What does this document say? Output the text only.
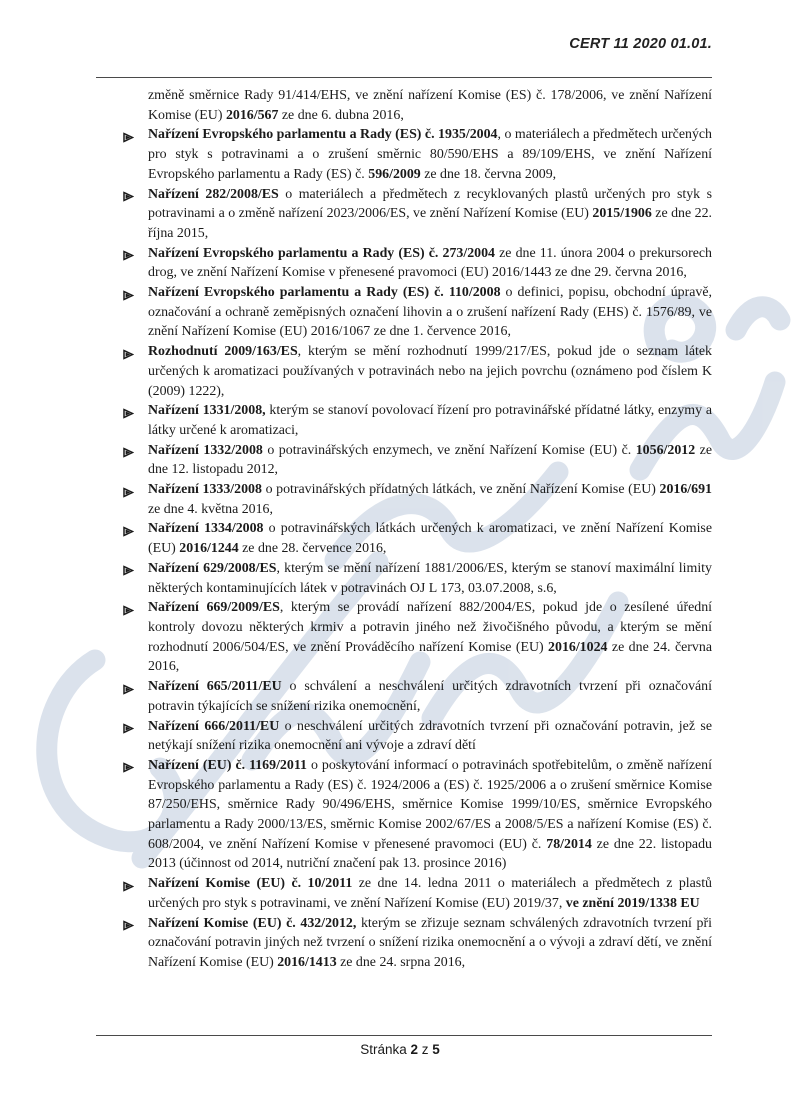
CERT 11 2020 01.01.

změně směrnice Rady 91/414/EHS, ve znění nařízení Komise (ES) č. 178/2006, ve znění Nařízení Komise (EU) 2016/567 ze dne 6. dubna 2016,

Nařízení Evropského parlamentu a Rady (ES) č. 1935/2004, o materiálech a předmětech určených pro styk s potravinami a o zrušení směrnic 80/590/EHS a 89/109/EHS, ve znění Nařízení Evropského parlamentu a Rady (ES) č. 596/2009 ze dne 18. června 2009,
Nařízení 282/2008/ES o materiálech a předmětech z recyklovaných plastů určených pro styk s potravinami a o změně nařízení 2023/2006/ES, ve znění Nařízení Komise (EU) 2015/1906 ze dne 22. října 2015,
Nařízení Evropského parlamentu a Rady (ES) č. 273/2004 ze dne 11. února 2004 o prekursorech drog, ve znění Nařízení Komise v přenesené pravomoci (EU) 2016/1443 ze dne 29. června 2016,
Nařízení Evropského parlamentu a Rady (ES) č. 110/2008 o definici, popisu, obchodní úpravě, označování a ochraně zeměpisných označení lihovin a o zrušení nařízení Rady (EHS) č. 1576/89, ve znění Nařízení Komise (EU) 2016/1067 ze dne 1. července 2016,
Rozhodnutí 2009/163/ES, kterým se mění rozhodnutí 1999/217/ES, pokud jde o seznam látek určených k aromatizaci používaných v potravinách nebo na jejich povrchu (oznámeno pod číslem K (2009) 1222),
Nařízení 1331/2008, kterým se stanoví povolovací řízení pro potravinářské přídatné látky, enzymy a látky určené k aromatizaci,
Nařízení 1332/2008 o potravinářských enzymech, ve znění Nařízení Komise (EU) č. 1056/2012 ze dne 12. listopadu 2012,
Nařízení 1333/2008 o potravinářských přídatných látkách, ve znění Nařízení Komise (EU) 2016/691 ze dne 4. května 2016,
Nařízení 1334/2008 o potravinářských látkách určených k aromatizaci, ve znění Nařízení Komise (EU) 2016/1244 ze dne 28. července 2016,
Nařízení 629/2008/ES, kterým se mění nařízení 1881/2006/ES, kterým se stanoví maximální limity některých kontaminujících látek v potravinách OJ L 173, 03.07.2008, s.6,
Nařízení 669/2009/ES, kterým se provádí nařízení 882/2004/ES, pokud jde o zesílené úřední kontroly dovozu některých krmiv a potravin jiného než živočišného původu, a kterým se mění rozhodnutí 2006/504/ES, ve znění Prováděcího nařízení Komise (EU) 2016/1024 ze dne 24. června 2016,
Nařízení 665/2011/EU o schválení a neschválení určitých zdravotních tvrzení při označování potravin týkajících se snížení rizika onemocnění,
Nařízení 666/2011/EU o neschválení určitých zdravotních tvrzení při označování potravin, jež se netýkají snížení rizika onemocnění ani vývoje a zdraví dětí
Nařízení (EU) č. 1169/2011 o poskytování informací o potravinách spotřebitelům, o změně nařízení Evropského parlamentu a Rady (ES) č. 1924/2006 a (ES) č. 1925/2006 a o zrušení směrnice Komise 87/250/EHS, směrnice Rady 90/496/EHS, směrnice Komise 1999/10/ES, směrnice Evropského parlamentu a Rady 2000/13/ES, směrnic Komise 2002/67/ES a 2008/5/ES a nařízení Komise (ES) č. 608/2004, ve znění Nařízení Komise v přenesené pravomoci (EU) č. 78/2014 ze dne 22. listopadu 2013 (účinnost od 2014, nutriční značení pak 13. prosince 2016)
Nařízení Komise (EU) č. 10/2011 ze dne 14. ledna 2011 o materiálech a předmětech z plastů určených pro styk s potravinami, ve znění Nařízení Komise (EU) 2019/37, ve znění 2019/1338 EU
Nařízení Komise (EU) č. 432/2012, kterým se zřizuje seznam schválených zdravotních tvrzení při označování potravin jiných než tvrzení o snížení rizika onemocnění a o vývoji a zdraví dětí, ve znění Nařízení Komise (EU) 2016/1413 ze dne 24. srpna 2016,
Stránka 2 z 5
